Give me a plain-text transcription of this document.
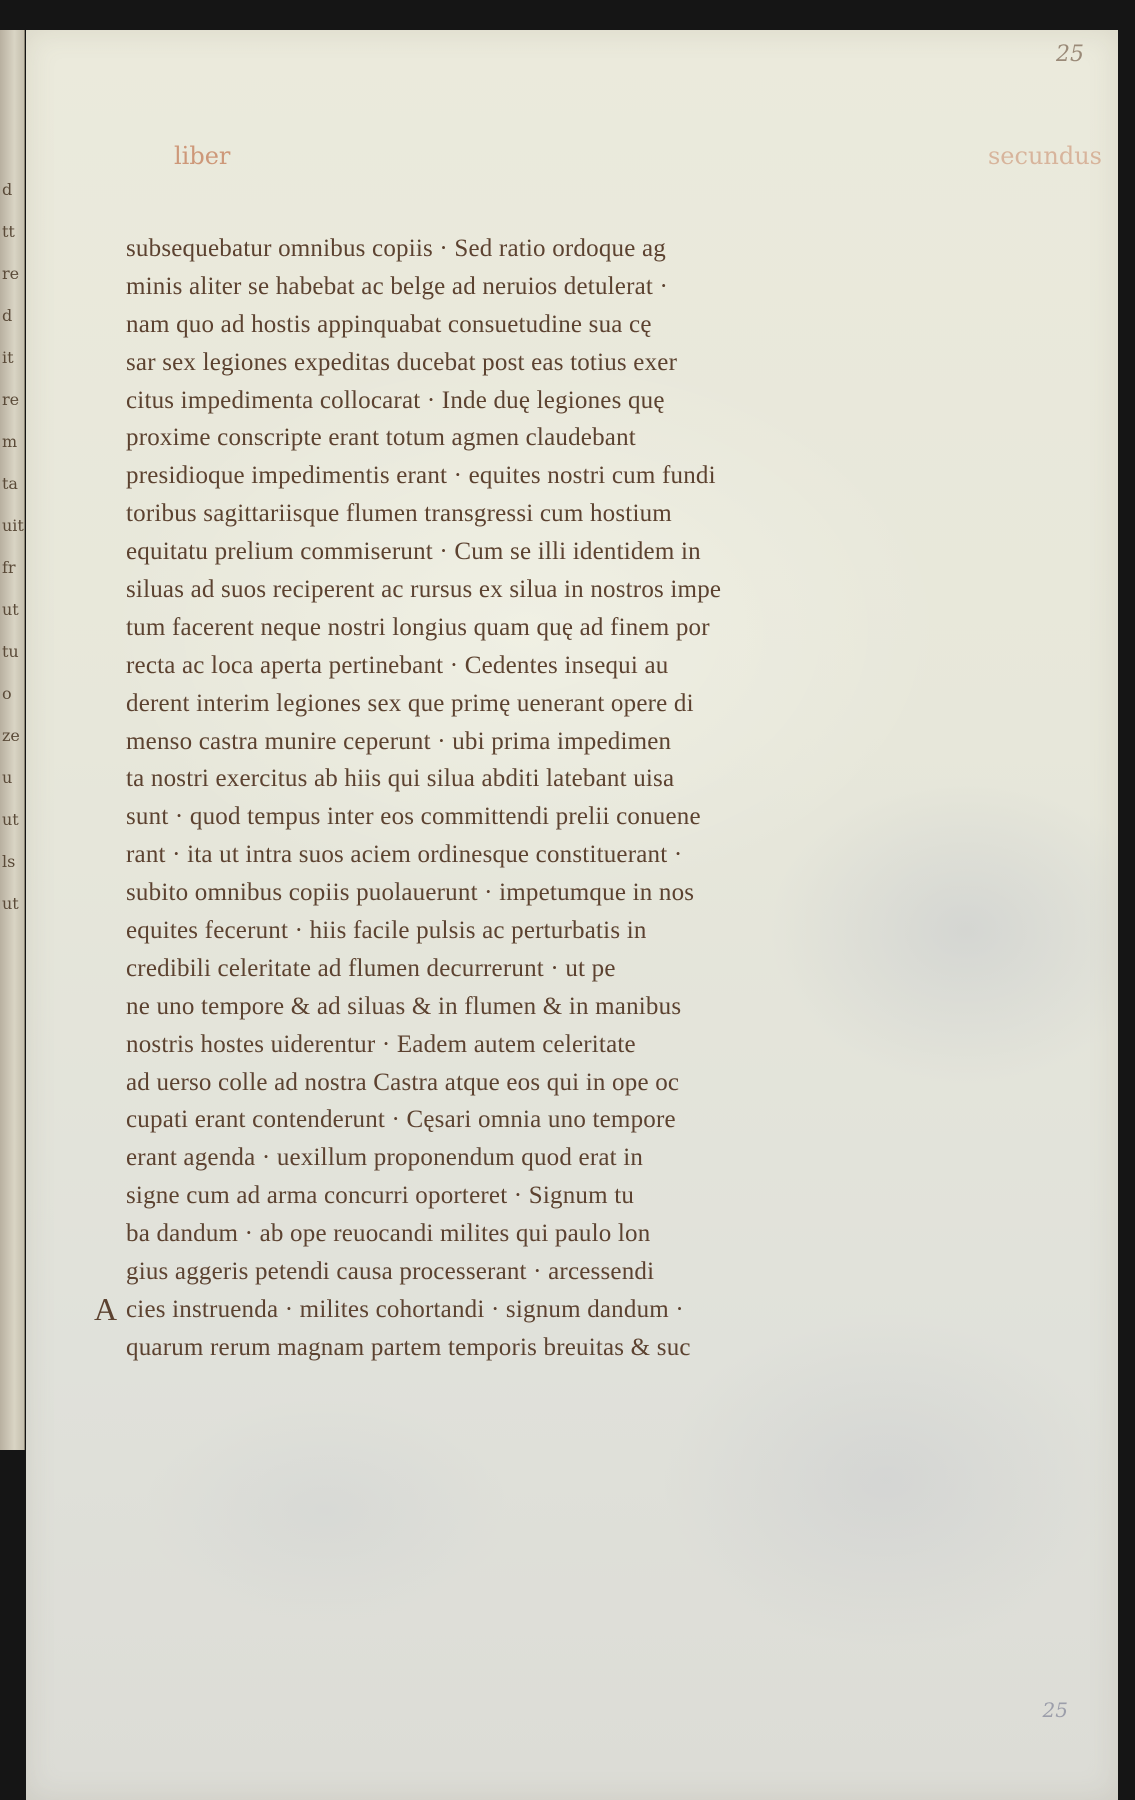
d
tt
re
d
it
re
m
ta
uit
fr
ut
tu
o
ze
u
ut
ls
ut
25
liber	secundus
subsequebatur omnibus copiis · Sed ratio ordoque ag
minis aliter se habebat ac belge ad neruios detulerat ·
nam quo ad hostis appinquabat consuetudine sua cę
sar sex legiones expeditas ducebat post eas totius exer
citus impedimenta collocarat · Inde duę legiones quę
proxime conscripte erant totum agmen claudebant
presidioque impedimentis erant · equites nostri cum fundi
toribus sagittariisque flumen transgressi cum hostium
equitatu prelium commiserunt · Cum se illi identidem in
siluas ad suos reciperent ac rursus ex silua in nostros impe
tum facerent neque nostri longius quam quę ad finem por
recta ac loca aperta pertinebant · Cedentes insequi au
derent interim legiones sex que primę uenerant opere di
menso castra munire ceperunt · ubi prima impedimen
ta nostri exercitus ab hiis qui silua abditi latebant uisa
sunt · quod tempus inter eos committendi prelii conuene
rant · ita ut intra suos aciem ordinesque constituerant ·
subito omnibus copiis puolauerunt · impetumque in nos
equites fecerunt · hiis facile pulsis ac perturbatis in
credibili celeritate ad flumen decurrerunt · ut pe
ne uno tempore & ad siluas & in flumen & in manibus
nostris hostes uiderentur · Eadem autem celeritate
ad uerso colle ad nostra Castra atque eos qui in ope oc
cupati erant contenderunt · Cęsari omnia uno tempore
erant agenda · uexillum proponendum quod erat in
signe cum ad arma concurri oporteret · Signum tu
ba dandum · ab ope reuocandi milites qui paulo lon
gius aggeris petendi causa processerant · arcessendi
A cies instruenda · milites cohortandi · signum dandum ·
quarum rerum magnam partem temporis breuitas & suc
25
